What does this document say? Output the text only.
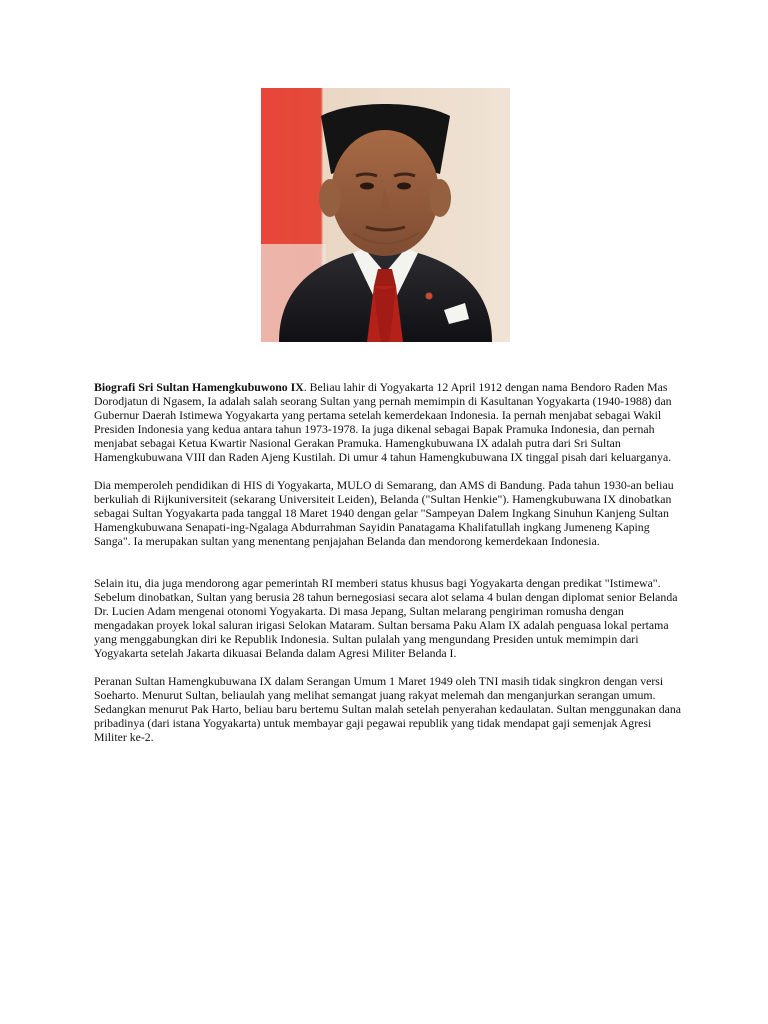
Biografi Sri Sultan Hamengkubuwono IX. Beliau lahir di Yogyakarta 12 April 1912 dengan nama Bendoro Raden Mas Dorodjatun di Ngasem, Ia adalah salah seorang Sultan yang pernah memimpin di Kasultanan Yogyakarta (1940-1988) dan Gubernur Daerah Istimewa Yogyakarta yang pertama setelah kemerdekaan Indonesia. Ia pernah menjabat sebagai Wakil Presiden Indonesia yang kedua antara tahun 1973-1978. Ia juga dikenal sebagai Bapak Pramuka Indonesia, dan pernah menjabat sebagai Ketua Kwartir Nasional Gerakan Pramuka. Hamengkubuwana IX adalah putra dari Sri Sultan Hamengkubuwana VIII dan Raden Ajeng Kustilah. Di umur 4 tahun Hamengkubuwana IX tinggal pisah dari keluarganya.

Dia memperoleh pendidikan di HIS di Yogyakarta, MULO di Semarang, dan AMS di Bandung. Pada tahun 1930-an beliau berkuliah di Rijkuniversiteit (sekarang Universiteit Leiden), Belanda ("Sultan Henkie"). Hamengkubuwana IX dinobatkan sebagai Sultan Yogyakarta pada tanggal 18 Maret 1940 dengan gelar "Sampeyan Dalem Ingkang Sinuhun Kanjeng Sultan Hamengkubuwana Senapati-ing-Ngalaga Abdurrahman Sayidin Panatagama Khalifatullah ingkang Jumeneng Kaping Sanga". Ia merupakan sultan yang menentang penjajahan Belanda dan mendorong kemerdekaan Indonesia.

Selain itu, dia juga mendorong agar pemerintah RI memberi status khusus bagi Yogyakarta dengan predikat "Istimewa". Sebelum dinobatkan, Sultan yang berusia 28 tahun bernegosiasi secara alot selama 4 bulan dengan diplomat senior Belanda Dr. Lucien Adam mengenai otonomi Yogyakarta. Di masa Jepang, Sultan melarang pengiriman romusha dengan mengadakan proyek lokal saluran irigasi Selokan Mataram. Sultan bersama Paku Alam IX adalah penguasa lokal pertama yang menggabungkan diri ke Republik Indonesia. Sultan pulalah yang mengundang Presiden untuk memimpin dari Yogyakarta setelah Jakarta dikuasai Belanda dalam Agresi Militer Belanda I.

Peranan Sultan Hamengkubuwana IX dalam Serangan Umum 1 Maret 1949 oleh TNI masih tidak singkron dengan versi Soeharto. Menurut Sultan, beliaulah yang melihat semangat juang rakyat melemah dan menganjurkan serangan umum. Sedangkan menurut Pak Harto, beliau baru bertemu Sultan malah setelah penyerahan kedaulatan. Sultan menggunakan dana pribadinya (dari istana Yogyakarta) untuk membayar gaji pegawai republik yang tidak mendapat gaji semenjak Agresi Militer ke-2.
